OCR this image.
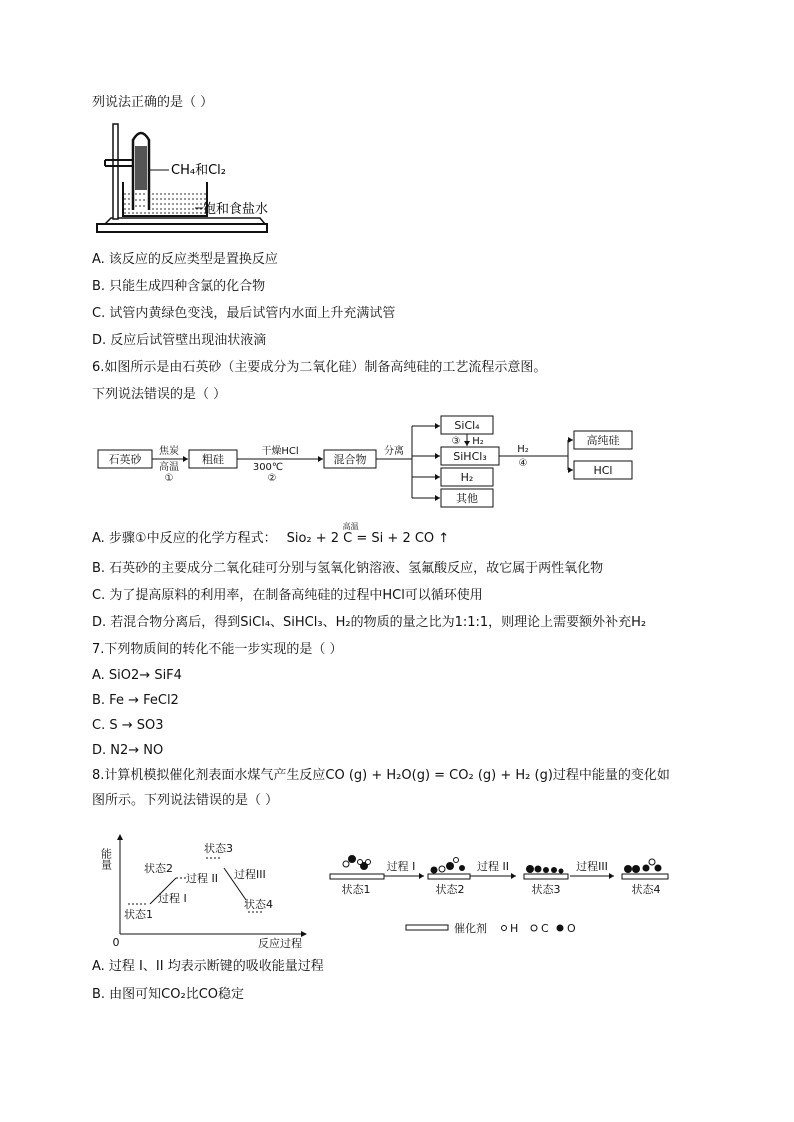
列说法正确的是（ ）
CH₄和Cl₂
饱和食盐水
A. 该反应的反应类型是置换反应
B. 只能生成四种含氯的化合物
C. 试管内黄绿色变浅，最后试管内水面上升充满试管
D. 反应后试管壁出现油状液滴
6.如图所示是由石英砂（主要成分为二氧化硅）制备高纯硅的工艺流程示意图。
下列说法错误的是（ ）
石英砂
焦炭
高温
①
粗硅
干燥HCl
300℃
②
混合物
分离
SiCl₄
③ H₂
SiHCl₃
H₂
其他
H₂
④
高纯硅
HCl
A. 步骤①中反应的化学方程式：
高温
Sio₂ + 2 C = Si + 2 CO ↑
B. 石英砂的主要成分二氧化硅可分别与氢氧化钠溶液、氢氟酸反应，故它属于两性氧化物
C. 为了提高原料的利用率，在制备高纯硅的过程中HCl可以循环使用
D. 若混合物分离后，得到SiCl₄、SiHCl₃、H₂的物质的量之比为1:1:1，则理论上需要额外补充H₂
7.下列物质间的转化不能一步实现的是（ ）
A. SiO2→ SiF4
B. Fe → FeCl2
C. S → SO3
D. N2→ NO
8.计算机模拟催化剂表面水煤气产生反应CO (g) + H₂O(g) = CO₂ (g) + H₂ (g)过程中能量的变化如
图所示。下列说法错误的是（ ）
能量
0	反应过程
状态1
过程 I
状态2
状态3
过程 II 过程III
状态4
状态1
过程 I
状态2
过程 II
状态3
过程III
状态4
催化剂 H C O
A. 过程 I、II 均表示断键的吸收能量过程
B. 由图可知CO₂比CO稳定
